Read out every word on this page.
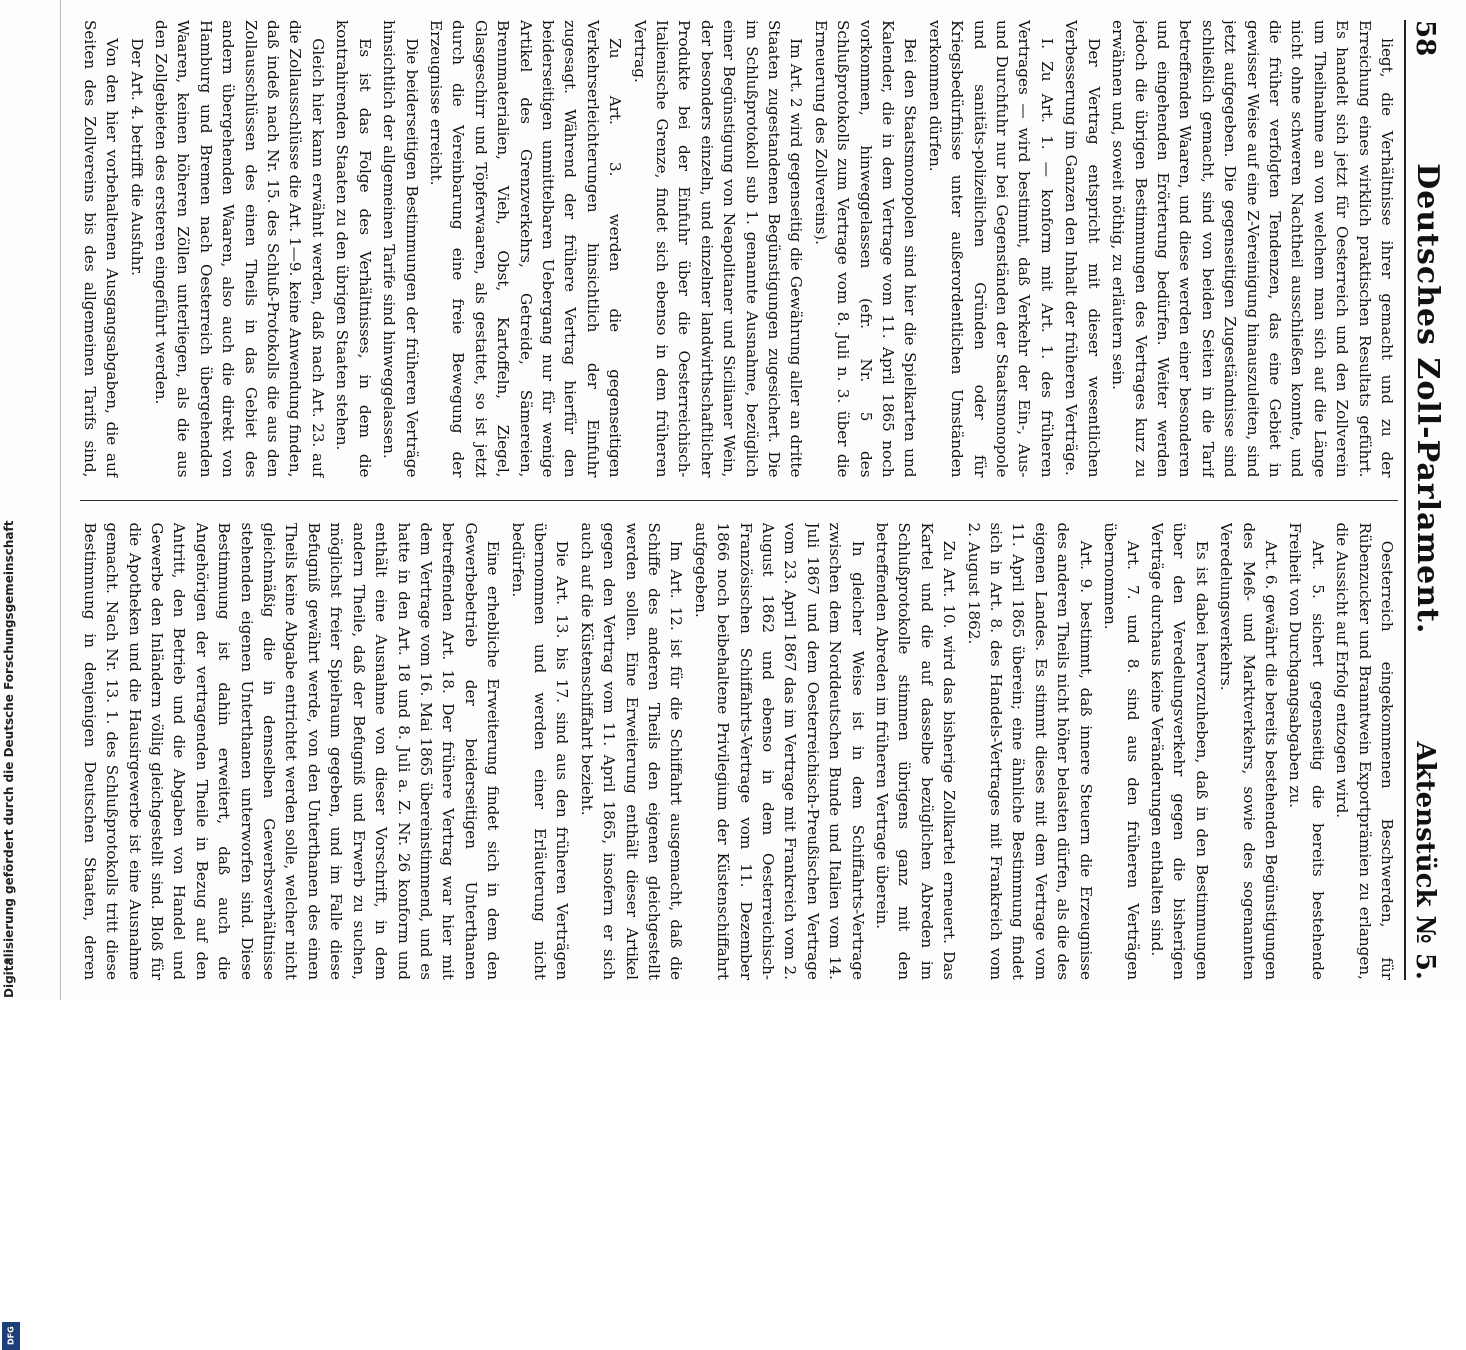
Digitalisierung gefördert durch die Deutsche Forschungsgemeinschaft
DFG
58
Deutsches Zoll-Parlament.
Aktenstück № 5.

liegt, die Verhältnisse ihrer gemacht und zu der Erreichung eines wirklich praktischen Resultats geführt. Es handelt sich jetzt für Oesterreich und den Zollverein um Theilnahme an von welchem man sich auf die Länge nicht ohne schweren Nachtheil ausschließen konnte, und die früher verfolgten Tendenzen, das eine Gebiet in gewisser Weise auf eine Z-Vereinigung hinauszuleiten, sind jetzt aufgegeben. Die gegenseitigen Zugeständnisse sind schließlich gemacht, sind von beiden Seiten in die Tarif betreffenden Waaren, und diese werden einer besonderen und eingehenden Erörterung bedürfen. Weiter werden jedoch die übrigen Bestimmungen des Vertrages kurz zu erwähnen und, soweit nöthig, zu erläutern sein.

Der Vertrag entspricht mit dieser wesentlichen Verbesserung im Ganzen den Inhalt der früheren Verträge.

I. Zu Art. 1. — konform mit Art. 1. des früheren Vertrages — wird bestimmt, daß Verkehr der Ein-, Aus- und Durchfuhr nur bei Gegenständen der Staatsmonopole und sanitäts-polizeilichen Gründen oder für Kriegsbedürfnisse unter außerordentlichen Umständen verkommen dürfen.

Bei den Staatsmonopolen sind hier die Spielkarten und Kalender, die in dem Vertrage vom 11. April 1865 noch vorkommen, hinweggelassen (efr. Nr. 5 des Schlußprotokolls zum Vertrage vom 8. Juli n. 3. über die Erneuerung des Zollvereins).

Im Art. 2 wird gegenseitig die Gewährung aller an dritte Staaten zugestandenen Begünstigungen zugesichert. Die im Schlußprotokoll sub 1. genannte Ausnahme, bezüglich einer Begünstigung von Neapolitaner und Sicilianer Wein, der besonders einzeln, und einzelner landwirthschaftlicher Produkte bei der Einfuhr über die Oesterreichisch-Italienische Grenze, findet sich ebenso in dem früheren Vertrag.

Zu Art. 3. werden die gegenseitigen Verkehrserleichterungen hinsichtlich der Einfuhr zugesagt. Während der frühere Vertrag hierfür den beiderseitigen unmittelbaren Uebergang nur für wenige Artikel des Grenzverkehrs, Getreide, Sämereien, Brennmaterialien, Vieh, Obst, Kartoffeln, Ziegel, Glasgeschirr und Töpferwaaren, als gestattet, so ist jetzt durch die Vereinbarung eine freie Bewegung der Erzeugnisse erreicht.

Die beiderseitigen Bestimmungen der früheren Verträge hinsichtlich der allgemeinen Tarife sind hinweggelassen.

Es ist das Folge des Verhältnisses, in dem die kontrahirenden Staaten zu den übrigen Staaten stehen.

Gleich hier kann erwähnt werden, daß nach Art. 23. auf die Zollausschlüsse die Art. 1—9. keine Anwendung finden, daß indeß nach Nr. 15. des Schluß-Protokolls die aus den Zollausschlüssen des einen Theils in das Gebiet des andern übergehenden Waaren, also auch die direkt von Hamburg und Bremen nach Oesterreich übergehenden Waaren, keinen höheren Zöllen unterliegen, als die aus den Zollgebieten des ersteren eingeführt werden.

Der Art. 4. betrifft die Ausfuhr.

Von den hier vorbehaltenen Ausgangsabgaben, die auf Seiten des Zollvereins bis des allgemeinen Tarifs sind,

Oesterreich eingekommenen Beschwerden, für Rübenzucker und Branntwein Exportprämien zu erlangen, die Aussicht auf Erfolg entzogen wird.

Art. 5. sichert gegenseitig die bereits bestehende Freiheit von Durchgangsabgaben zu.

Art. 6. gewährt die bereits bestehenden Begünstigungen des Meß- und Marktverkehrs, sowie des sogenannten Veredelungsverkehrs.

Es ist dabei hervorzuheben, daß in den Bestimmungen über den Veredelungsverkehr gegen die bisherigen Verträge durchaus keine Veränderungen enthalten sind.

Art. 7. und 8. sind aus den früheren Verträgen übernommen.

Art. 9. bestimmt, daß innere Steuern die Erzeugnisse des anderen Theils nicht höher belasten dürfen, als die des eigenen Landes. Es stimmt dieses mit dem Vertrage vom 11. April 1865 überein; eine ähnliche Bestimmung findet sich in Art. 8. des Handels-Vertrages mit Frankreich vom 2. August 1862.

Zu Art. 10. wird das bisherige Zollkartel erneuert. Das Kartel und die auf dasselbe bezüglichen Abreden im Schlußprotokolle stimmen übrigens ganz mit den betreffenden Abreden im früheren Vertrage überein.

In gleicher Weise ist in dem Schiffahrts-Vertrage zwischen dem Norddeutschen Bunde und Italien vom 14. Juli 1867 und dem Oesterreichisch-Preußischen Vertrage vom 23. April 1867 das im Vertrage mit Frankreich vom 2. August 1862 und ebenso in dem Oesterreichisch-Französischen Schiffahrts-Vertrage vom 11. Dezember 1866 noch beibehaltene Privilegium der Küstenschiffahrt aufgegeben.

Im Art. 12. ist für die Schiffahrt ausgemacht, daß die Schiffe des anderen Theils den eigenen gleichgestellt werden sollen. Eine Erweiterung enthält dieser Artikel gegen den Vertrag vom 11. April 1865, insofern er sich auch auf die Küstenschiffahrt bezieht.

Die Art. 13. bis 17. sind aus den früheren Verträgen übernommen und werden einer Erläuterung nicht bedürfen.

Eine erhebliche Erweiterung findet sich in dem den Gewerbebetrieb der beiderseitigen Unterthanen betreffenden Art. 18. Der frühere Vertrag war hier mit dem Vertrage vom 16. Mai 1865 übereinstimmend, und es hatte in den Art. 18 und 8. Juli a. Z. Nr. 26 konform und enthält eine Ausnahme von dieser Vorschrift, in dem andern Theile, daß der Befugniß und Erwerb zu suchen, möglichst freier Spielraum gegeben, und im Falle diese Befugniß gewährt werde, von den Unterthanen des einen Theils keine Abgabe entrichtet werden solle, welcher nicht gleichmäßig die in demselben Gewerbsverhältnisse stehenden eigenen Unterthanen unterworfen sind. Diese Bestimmung ist dahin erweitert, daß auch die Angehörigen der vertragenden Theile in Bezug auf den Antritt, den Betrieb und die Abgaben von Handel und Gewerbe den Inländern völlig gleichgestellt sind. Bloß für die Apotheken und die Hausirgewerbe ist eine Ausnahme gemacht. Nach Nr. 13. 1. des Schlußprotokolls tritt diese Bestimmung in denjenigen Deutschen Staaten, deren
